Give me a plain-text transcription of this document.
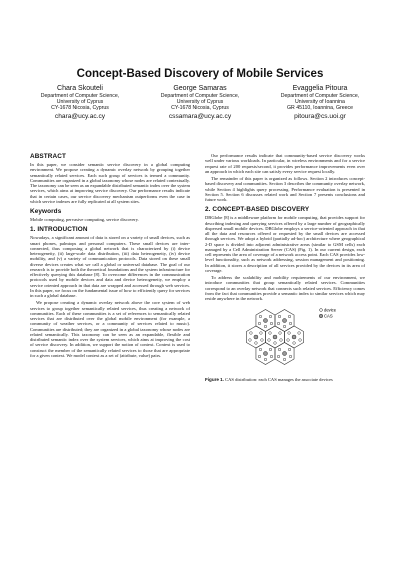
Concept-Based Discovery of Mobile Services
Chara Skouteli
Department of Computer Science,
University of Cyprus
CY-1678 Nicosia, Cyprus
chara@ucy.ac.cy
George Samaras
Department of Computer Science,
University of Cyprus
CY-1678 Nicosia, Cyprus
cssamara@ucy.ac.cy
Evaggelia Pitoura
Department of Computer Science,
University of Ioannina
GR 45110, Ioannina, Greece
pitoura@cs.uoi.gr
ABSTRACT
In this paper, we consider semantic service discovery in a global computing environment. We propose creating a dynamic overlay network by grouping together semantically related services. Each such group of services is termed a community. Communities are organized in a global taxonomy whose nodes are related contextually. The taxonomy can be seen as an expandable distributed semantic index over the system services, which aims at improving service discovery. Our performance results indicate that in certain cases, our service discovery mechanism outperforms even the case in which service indexes are fully replicated at all system sites.
Keywords
Mobile computing, pervasive computing, service discovery.
1. INTRODUCTION
Nowadays, a significant amount of data is stored on a variety of small devices, such as smart phones, palmtops and personal computers. These small devices are inter-connected, thus composing a global network that is characterized by (i) device heterogeneity, (ii) large-scale data distribution, (iii) data heterogeneity, (iv) device mobility, and (v) a variety of communication protocols. Data stored on these small diverse devices creates what we call a global or universal database. The goal of our research is to provide both the theoretical foundations and the system infrastructure for effectively querying this database [8]. To overcome differences in the communication protocols used by mobile devices and data and device heterogeneity, we employ a service oriented approach in that data are wrapped and accessed through web services. In this paper, we focus on the fundamental issue of how to efficiently query for services in such a global database.
We propose creating a dynamic overlay network above the core system of web services to group together semantically related services, thus creating a network of communities. Each of these communities is a set of references to semantically related services that are distributed over the global mobile environment (for example, a community of weather services, or a community of services related to music). Communities are distributed; they are organized in a global taxonomy whose nodes are related semantically. This taxonomy can be seen as an expandable, flexible and distributed semantic index over the system services, which aims at improving the cost of service discovery. In addition, we support the notion of context. Context is used to construct the member of the semantically related services to those that are appropriate for a given context. We model context as a set of (attribute, value) pairs.
Our performance results indicate that community-based service discovery works well under various workloads. In particular, in wireless environments and for a service request rate of 200 requests/second, it provides performance improvements even over an approach in which each site can satisfy every service request locally.
The remainder of this paper is organized as follows. Section 2 introduces concept-based discovery and communities. Section 3 describes the community overlay network, while Section 4 highlights query processing. Performance evaluation is presented in Section 5. Section 6 discusses related work and Section 7 presents conclusions and future work.
2. CONCEPT-BASED DISCOVERY
DBGlobe [8] is a middleware platform for mobile computing, that provides support for describing indexing and querying services offered by a large number of geographically dispersed small mobile devices. DBGlobe employs a service-oriented approach in that all the data and resources offered or requested by the small devices are accessed through services. We adopt a hybrid (partially ad-hoc) architecture where geographical 2-D space is divided into adjacent administrative areas (similar to GSM cells) each managed by a Cell Administration Server (CAS) (Fig. 1). In our current design, each cell represents the area of coverage of a network access point. Each CAS provides low-level functionality, such as network addressing, session management and positioning. In addition, it stores a description of all services provided by the devices in its area of coverage.
To address the scalability and mobility requirements of our environment, we introduce communities that group semantically related services. Communities correspond to an overlay network that connects such related services. Efficiency comes from the fact that communities provide a semantic index to similar services which may reside anywhere in the network.
device
CAS
Figure 1. CAS distribution: each CAS manages the associate devices
